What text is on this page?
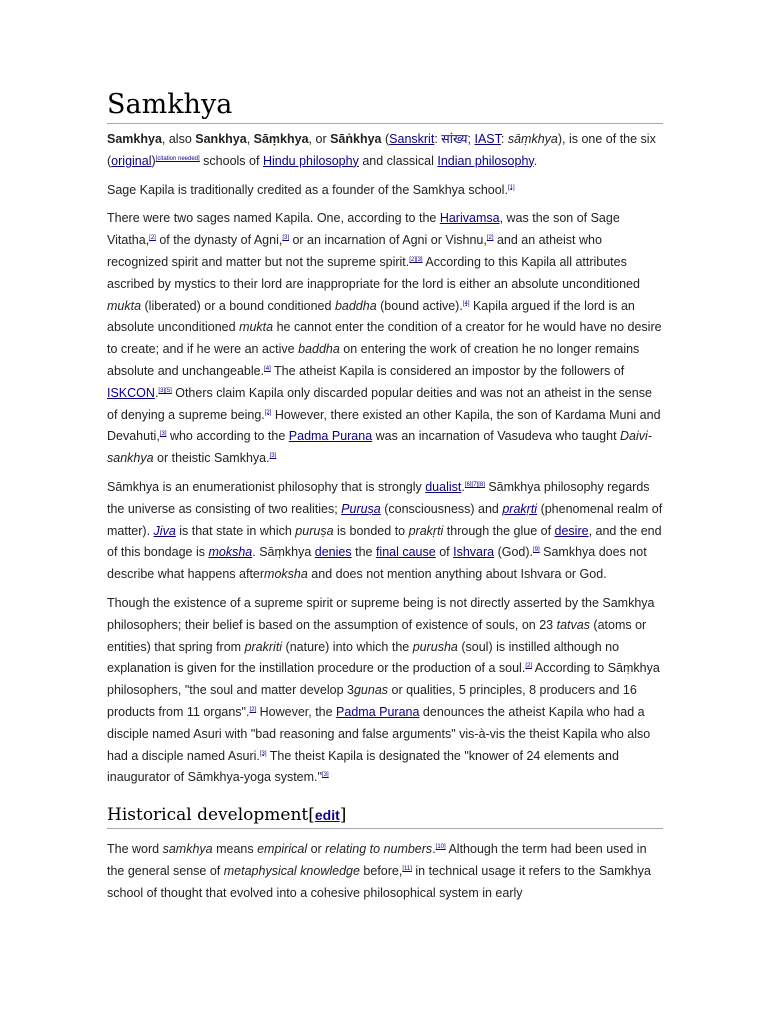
Samkhya

Samkhya, also Sankhya, Sāṃkhya, or Sāṅkhya (Sanskrit: सांख्य; IAST: sāṃkhya), is one of the six (original)[citation needed] schools of Hindu philosophy and classical Indian philosophy.

Sage Kapila is traditionally credited as a founder of the Samkhya school.[1]

There were two sages named Kapila. One, according to the Harivamsa, was the son of Sage Vitatha,[2] of the dynasty of Agni,[3] or an incarnation of Agni or Vishnu,[2] and an atheist who recognized spirit and matter but not the supreme spirit.[2][3] According to this Kapila all attributes ascribed by mystics to their lord are inappropriate for the lord is either an absolute unconditioned mukta (liberated) or a bound conditioned baddha (bound active).[4] Kapila argued if the lord is an absolute unconditioned mukta he cannot enter the condition of a creator for he would have no desire to create; and if he were an active baddha on entering the work of creation he no longer remains absolute and unchangeable.[4] The atheist Kapila is considered an impostor by the followers of ISKCON.[3][5] Others claim Kapila only discarded popular deities and was not an atheist in the sense of denying a supreme being.[2] However, there existed an other Kapila, the son of Kardama Muni and Devahuti,[3] who according to the Padma Purana was an incarnation of Vasudeva who taught Daivi-sankhya or theistic Samkhya.[3]

Sāmkhya is an enumerationist philosophy that is strongly dualist.[6][7][8] Sāmkhya philosophy regards the universe as consisting of two realities; Puruṣa (consciousness) and prakṛti (phenomenal realm of matter). Jiva is that state in which puruṣa is bonded to prakṛti through the glue of desire, and the end of this bondage is moksha. Sāṃkhya denies the final cause of Ishvara (God).[9] Samkhya does not describe what happens aftermoksha and does not mention anything about Ishvara or God.

Though the existence of a supreme spirit or supreme being is not directly asserted by the Samkhya philosophers; their belief is based on the assumption of existence of souls, on 23 tatvas (atoms or entities) that spring from prakriti (nature) into which the purusha (soul) is instilled although no explanation is given for the instillation procedure or the production of a soul.[2] According to Sāṃkhya philosophers, "the soul and matter develop 3gunas or qualities, 5 principles, 8 producers and 16 products from 11 organs".[2] However, the Padma Purana denounces the atheist Kapila who had a disciple named Asuri with "bad reasoning and false arguments" vis-à-vis the theist Kapila who also had a disciple named Asuri.[3] The theist Kapila is designated the "knower of 24 elements and inaugurator of Sāmkhya-yoga system."[3]

Historical development[edit]

The word samkhya means empirical or relating to numbers.[10] Although the term had been used in the general sense of metaphysical knowledge before,[11] in technical usage it refers to the Samkhya school of thought that evolved into a cohesive philosophical system in early
